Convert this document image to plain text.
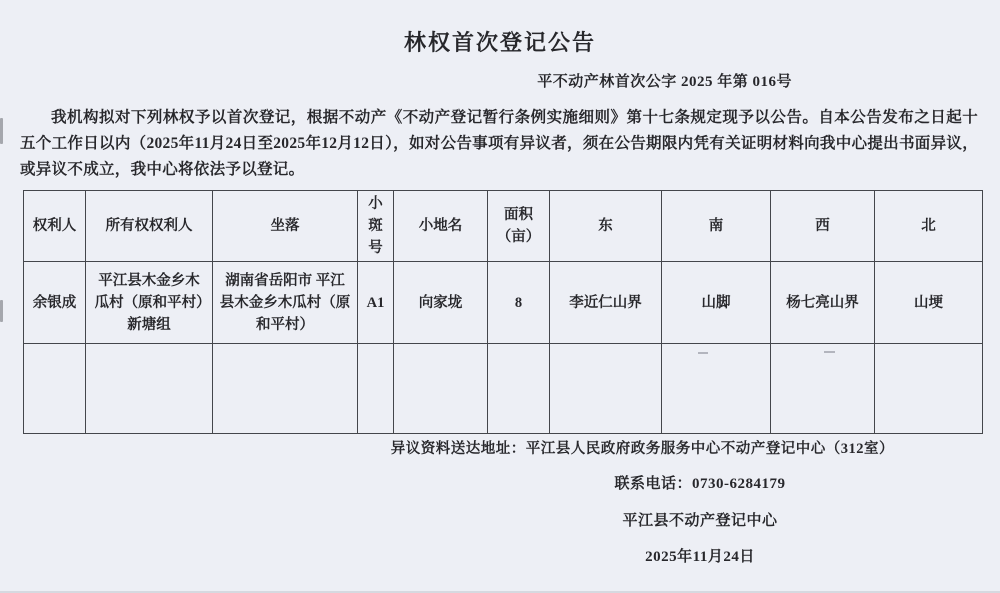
林权首次登记公告
平不动产林首次公字 2025 年第 016号

我机构拟对下列林权予以首次登记，根据不动产《不动产登记暂行条例实施细则》第十七条规定现予以公告。自本公告发布之日起十五个工作日以内（2025年11月24日至2025年12月12日），如对公告事项有异议者，须在公告期限内凭有关证明材料向我中心提出书面异议，或异议不成立，我中心将依法予以登记。

权利人	所有权权利人	坐落	小斑号	小地名	面积（亩）	东	南	西	北
余银成	平江县木金乡木瓜村（原和平村）新塘组	湖南省岳阳市 平江县木金乡木瓜村（原和平村）	A1	向家垅	8	李近仁山界	山脚	杨七亮山界	山埂

异议资料送达地址：平江县人民政府政务服务中心不动产登记中心（312室）
联系电话：0730-6284179
平江县不动产登记中心
2025年11月24日
